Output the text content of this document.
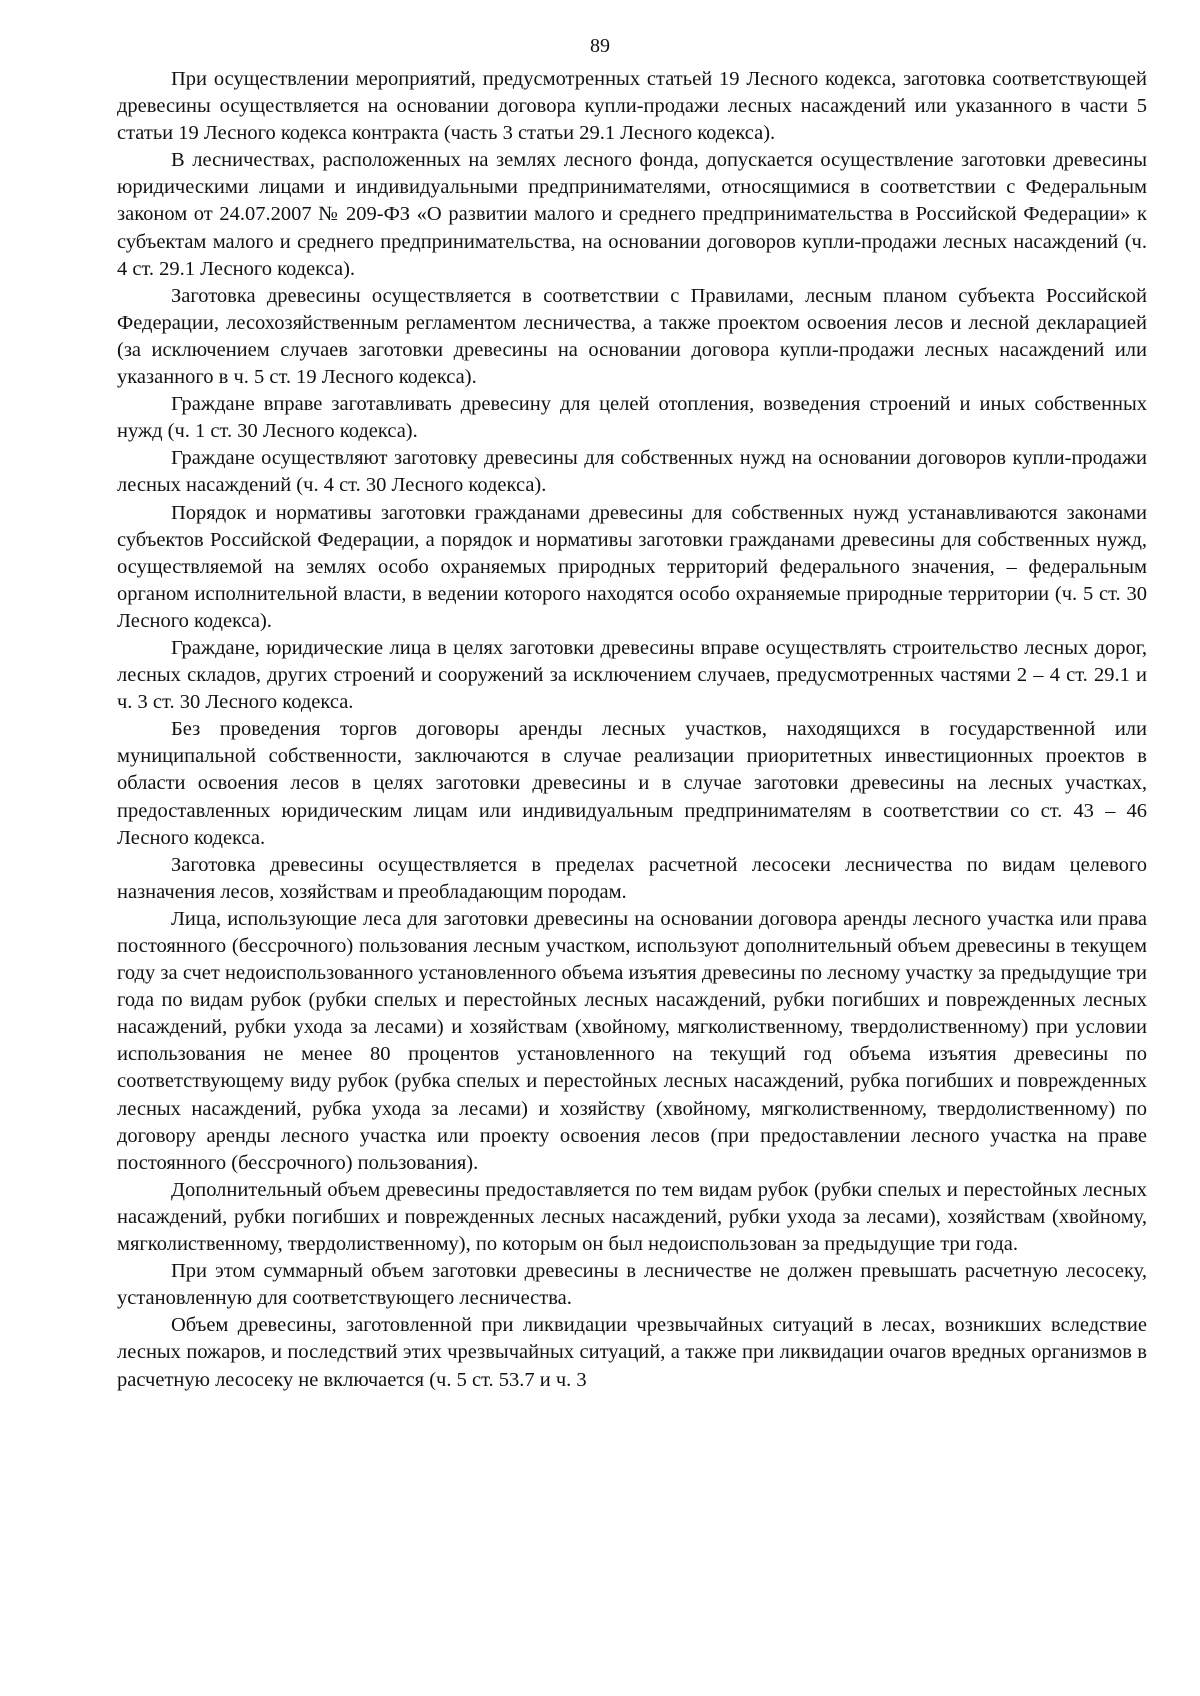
89

При осуществлении мероприятий, предусмотренных статьей 19 Лесного кодекса, заготовка соответствующей древесины осуществляется на основании договора купли-продажи лесных насаждений или указанного в части 5 статьи 19 Лесного кодекса контракта (часть 3 статьи 29.1 Лесного кодекса).

В лесничествах, расположенных на землях лесного фонда, допускается осуществление заготовки древесины юридическими лицами и индивидуальными предпринимателями, относящимися в соответствии с Федеральным законом от 24.07.2007 № 209-ФЗ «О развитии малого и среднего предпринимательства в Российской Федерации» к субъектам малого и среднего предпринимательства, на основании договоров купли-продажи лесных насаждений (ч. 4 ст. 29.1 Лесного кодекса).

Заготовка древесины осуществляется в соответствии с Правилами, лесным планом субъекта Российской Федерации, лесохозяйственным регламентом лесничества, а также проектом освоения лесов и лесной декларацией (за исключением случаев заготовки древесины на основании договора купли-продажи лесных насаждений или указанного в ч. 5 ст. 19 Лесного кодекса).

Граждане вправе заготавливать древесину для целей отопления, возведения строений и иных собственных нужд (ч. 1 ст. 30 Лесного кодекса).

Граждане осуществляют заготовку древесины для собственных нужд на основании договоров купли-продажи лесных насаждений (ч. 4 ст. 30 Лесного кодекса).

Порядок и нормативы заготовки гражданами древесины для собственных нужд устанавливаются законами субъектов Российской Федерации, а порядок и нормативы заготовки гражданами древесины для собственных нужд, осуществляемой на землях особо охраняемых природных территорий федерального значения, – федеральным органом исполнительной власти, в ведении которого находятся особо охраняемые природные территории (ч. 5 ст. 30 Лесного кодекса).

Граждане, юридические лица в целях заготовки древесины вправе осуществлять строительство лесных дорог, лесных складов, других строений и сооружений за исключением случаев, предусмотренных частями 2 – 4 ст. 29.1 и ч. 3 ст. 30 Лесного кодекса.

Без проведения торгов договоры аренды лесных участков, находящихся в государственной или муниципальной собственности, заключаются в случае реализации приоритетных инвестиционных проектов в области освоения лесов в целях заготовки древесины и в случае заготовки древесины на лесных участках, предоставленных юридическим лицам или индивидуальным предпринимателям в соответствии со ст. 43 – 46 Лесного кодекса.

Заготовка древесины осуществляется в пределах расчетной лесосеки лесничества по видам целевого назначения лесов, хозяйствам и преобладающим породам.

Лица, использующие леса для заготовки древесины на основании договора аренды лесного участка или права постоянного (бессрочного) пользования лесным участком, используют дополнительный объем древесины в текущем году за счет недоиспользованного установленного объема изъятия древесины по лесному участку за предыдущие три года по видам рубок (рубки спелых и перестойных лесных насаждений, рубки погибших и поврежденных лесных насаждений, рубки ухода за лесами) и хозяйствам (хвойному, мягколиственному, твердолиственному) при условии использования не менее 80 процентов установленного на текущий год объема изъятия древесины по соответствующему виду рубок (рубка спелых и перестойных лесных насаждений, рубка погибших и поврежденных лесных насаждений, рубка ухода за лесами) и хозяйству (хвойному, мягколиственному, твердолиственному) по договору аренды лесного участка или проекту освоения лесов (при предоставлении лесного участка на праве постоянного (бессрочного) пользования).

Дополнительный объем древесины предоставляется по тем видам рубок (рубки спелых и перестойных лесных насаждений, рубки погибших и поврежденных лесных насаждений, рубки ухода за лесами), хозяйствам (хвойному, мягколиственному, твердолиственному), по которым он был недоиспользован за предыдущие три года.

При этом суммарный объем заготовки древесины в лесничестве не должен превышать расчетную лесосеку, установленную для соответствующего лесничества.

Объем древесины, заготовленной при ликвидации чрезвычайных ситуаций в лесах, возникших вследствие лесных пожаров, и последствий этих чрезвычайных ситуаций, а также при ликвидации очагов вредных организмов в расчетную лесосеку не включается (ч. 5 ст. 53.7 и ч. 3
